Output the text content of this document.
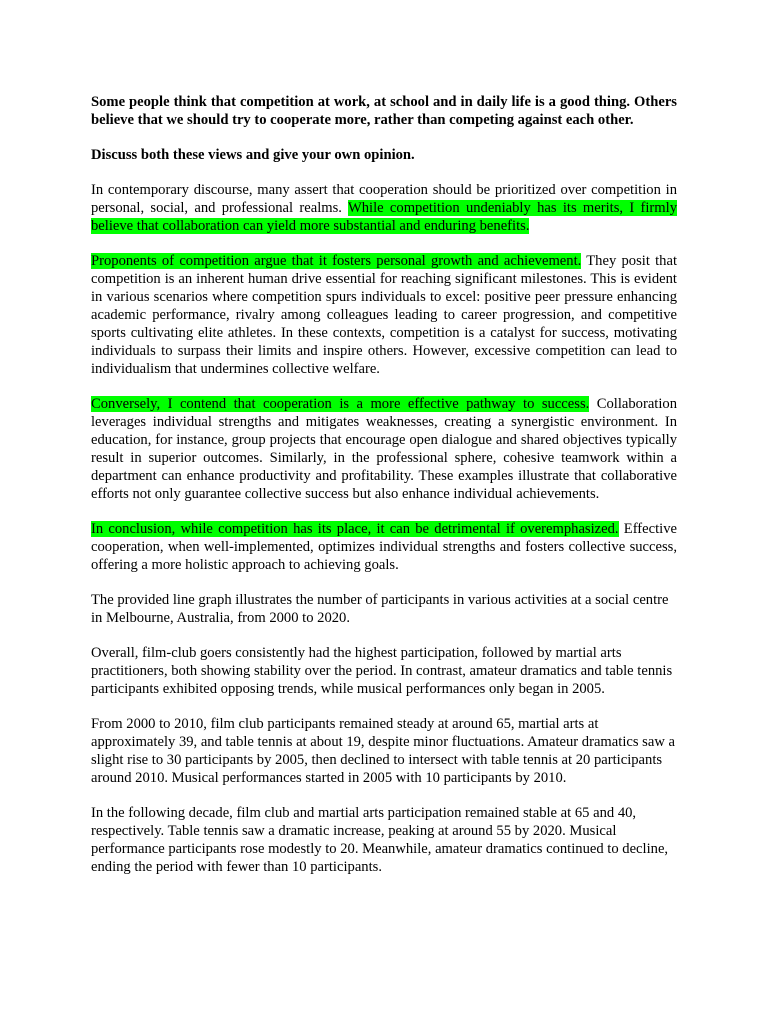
Some people think that competition at work, at school and in daily life is a good thing. Others believe that we should try to cooperate more, rather than competing against each other.

Discuss both these views and give your own opinion.

In contemporary discourse, many assert that cooperation should be prioritized over competition in personal, social, and professional realms. While competition undeniably has its merits, I firmly believe that collaboration can yield more substantial and enduring benefits.

Proponents of competition argue that it fosters personal growth and achievement. They posit that competition is an inherent human drive essential for reaching significant milestones. This is evident in various scenarios where competition spurs individuals to excel: positive peer pressure enhancing academic performance, rivalry among colleagues leading to career progression, and competitive sports cultivating elite athletes. In these contexts, competition is a catalyst for success, motivating individuals to surpass their limits and inspire others. However, excessive competition can lead to individualism that undermines collective welfare.

Conversely, I contend that cooperation is a more effective pathway to success. Collaboration leverages individual strengths and mitigates weaknesses, creating a synergistic environment. In education, for instance, group projects that encourage open dialogue and shared objectives typically result in superior outcomes. Similarly, in the professional sphere, cohesive teamwork within a department can enhance productivity and profitability. These examples illustrate that collaborative efforts not only guarantee collective success but also enhance individual achievements.

In conclusion, while competition has its place, it can be detrimental if overemphasized. Effective cooperation, when well-implemented, optimizes individual strengths and fosters collective success, offering a more holistic approach to achieving goals.

The provided line graph illustrates the number of participants in various activities at a social centre in Melbourne, Australia, from 2000 to 2020.

Overall, film-club goers consistently had the highest participation, followed by martial arts practitioners, both showing stability over the period. In contrast, amateur dramatics and table tennis participants exhibited opposing trends, while musical performances only began in 2005.

From 2000 to 2010, film club participants remained steady at around 65, martial arts at approximately 39, and table tennis at about 19, despite minor fluctuations. Amateur dramatics saw a slight rise to 30 participants by 2005, then declined to intersect with table tennis at 20 participants around 2010. Musical performances started in 2005 with 10 participants by 2010.

In the following decade, film club and martial arts participation remained stable at 65 and 40, respectively. Table tennis saw a dramatic increase, peaking at around 55 by 2020. Musical performance participants rose modestly to 20. Meanwhile, amateur dramatics continued to decline, ending the period with fewer than 10 participants.
